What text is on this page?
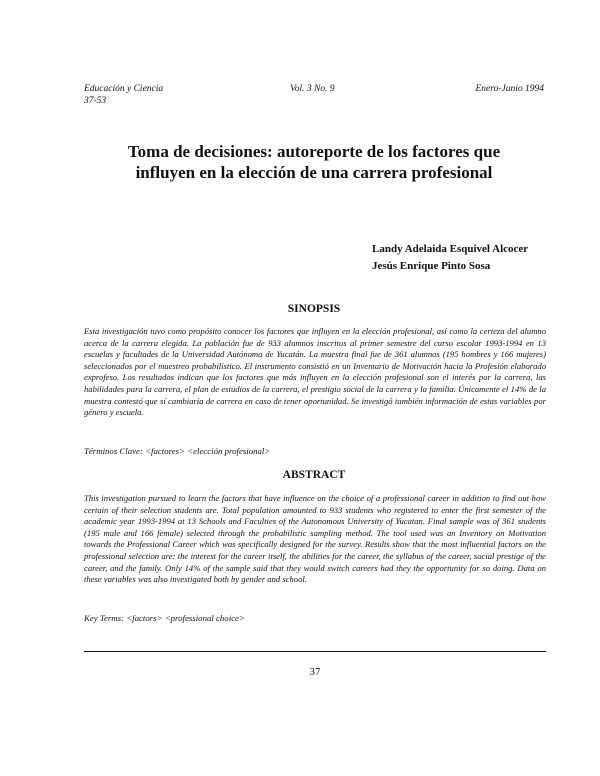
Educación y Ciencia	Vol. 3 No. 9	Enero-Junio 1994
37-53
Toma de decisiones: autoreporte de los factores que
influyen en la elección de una carrera profesional
Landy Adelaida Esquivel Alcocer
Jesús Enrique Pinto Sosa
SINOPSIS
Esta investigación tuvo como propósito conocer los factores que influyen en la elección profesional, así como la certeza del alumno acerca de la carrera elegida. La población fue de 933 alumnos inscritos al primer semestre del curso escolar 1993-1994 en 13 escuelas y facultades de la Universidad Autónoma de Yucatán. La muestra final fue de 361 alumnos (195 hombres y 166 mujeres) seleccionados por el muestreo probabilístico. El instrumento consistió en un Inventario de Motivación hacia la Profesión elaborado exprofeso. Los resultados indican que los factores que más influyen en la elección profesional son el interés por la carrera, las habilidades para la carrera, el plan de estudios de la carrera, el prestigio social de la carrera y la familia. Únicamente el 14% de la muestra contestó que sí cambiaría de carrera en caso de tener oportunidad. Se investigó también información de estas variables por género y escuela.
Términos Clave: <factores> <elección profesional>
ABSTRACT
This investigation pursued to learn the factors that have influence on the choice of a professional career in addition to find out how certain of their selection students are. Total population amounted to 933 students who registered to enter the first semester of the academic year 1993-1994 at 13 Schools and Faculties of the Autonomous University of Yucatan. Final sample was of 361 students (195 male and 166 female) selected through the probabilistic sampling method. The tool used was an Inventory on Motivation towards the Professional Career which was specifically designed for the survey. Results show that the most influential factors on the professional selection are: the interest for the career itself, the abilities for the career, the syllabus of the career, social prestige of the career, and the family. Only 14% of the sample said that they would switch careers had they the opportunity for so doing. Data on these variables was also investigated both by gender and school.
Key Terms: <factors> <professional choice>
37
